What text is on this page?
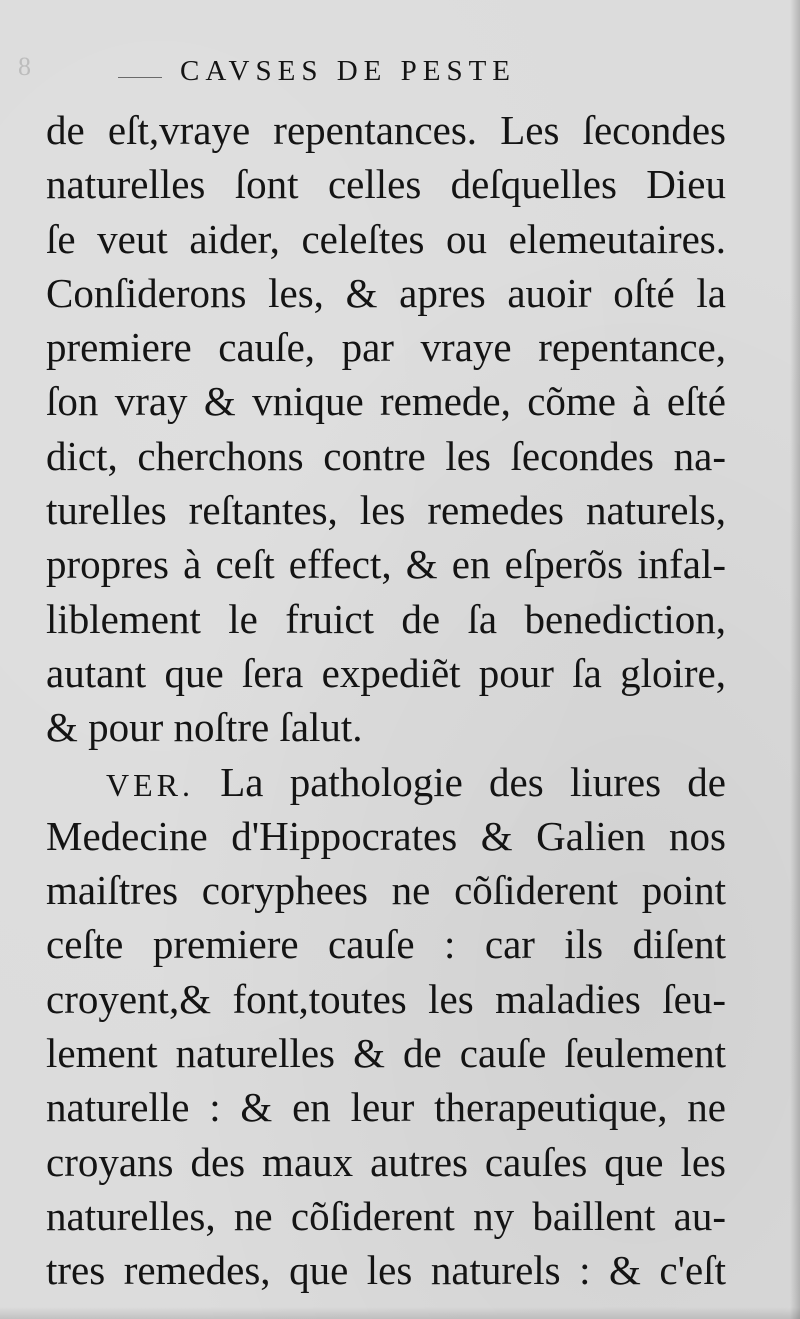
8	CAVSES DE PESTE
de eſt,vraye repentances. Les ſecondes
naturelles ſont celles deſquelles Dieu
ſe veut aider, celeſtes ou elemeutaires.
Conſiderons les, & apres auoir oſté la
premiere cauſe, par vraye repentance,
ſon vray & vnique remede, cõme à eſté
dict, cherchons contre les ſecondes na-
turelles reſtantes, les remedes naturels,
propres à ceſt effect, & en eſperõs infal-
liblement le fruict de ſa benediction,
autant que ſera expediẽt pour ſa gloire,
& pour noſtre ſalut.
VER. La pathologie des liures de
Medecine d'Hippocrates & Galien nos
maiſtres coryphees ne cõſiderent point
ceſte premiere cauſe : car ils diſent
croyent,& font,toutes les maladies ſeu-
lement naturelles & de cauſe ſeulement
naturelle : & en leur therapeutique, ne
croyans des maux autres cauſes que les
naturelles, ne cõſiderent ny baillent au-
tres remedes, que les naturels : & c'eſt
